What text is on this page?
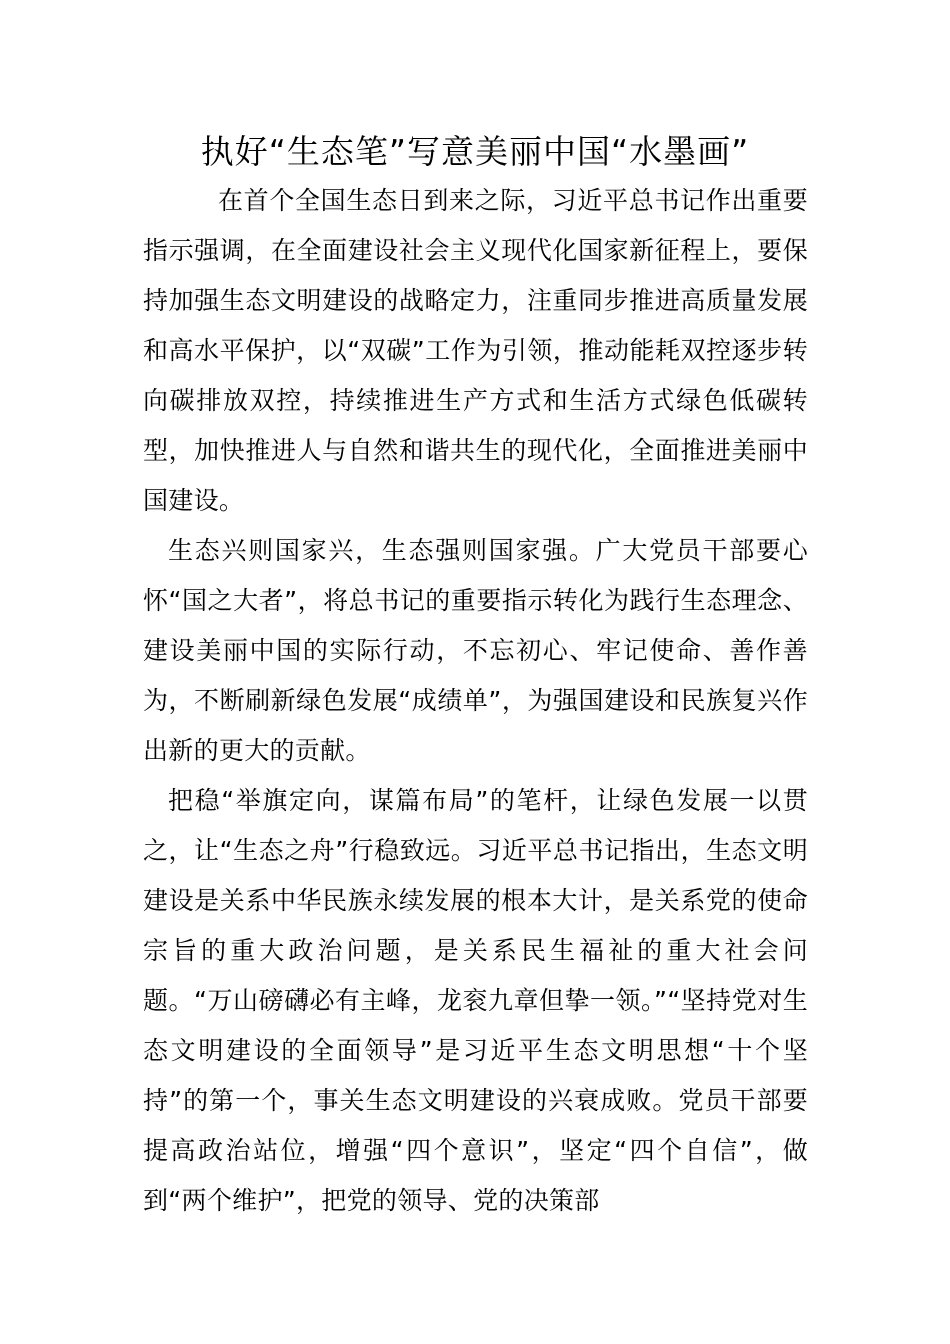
执好“生态笔”写意美丽中国“水墨画”

在首个全国生态日到来之际，习近平总书记作出重要指示强调，在全面建设社会主义现代化国家新征程上，要保持加强生态文明建设的战略定力，注重同步推进高质量发展和高水平保护，以“双碳”工作为引领，推动能耗双控逐步转向碳排放双控，持续推进生产方式和生活方式绿色低碳转型，加快推进人与自然和谐共生的现代化，全面推进美丽中国建设。

生态兴则国家兴，生态强则国家强。广大党员干部要心怀“国之大者”，将总书记的重要指示转化为践行生态理念、建设美丽中国的实际行动，不忘初心、牢记使命、善作善为，不断刷新绿色发展“成绩单”，为强国建设和民族复兴作出新的更大的贡献。

把稳“举旗定向，谋篇布局”的笔杆，让绿色发展一以贯之，让“生态之舟”行稳致远。习近平总书记指出，生态文明建设是关系中华民族永续发展的根本大计，是关系党的使命宗旨的重大政治问题，是关系民生福祉的重大社会问题。“万山磅礴必有主峰，龙衮九章但挚一领。”“坚持党对生态文明建设的全面领导”是习近平生态文明思想“十个坚持”的第一个，事关生态文明建设的兴衰成败。党员干部要提高政治站位，增强“四个意识”，坚定“四个自信”，做到“两个维护”，把党的领导、党的决策部
